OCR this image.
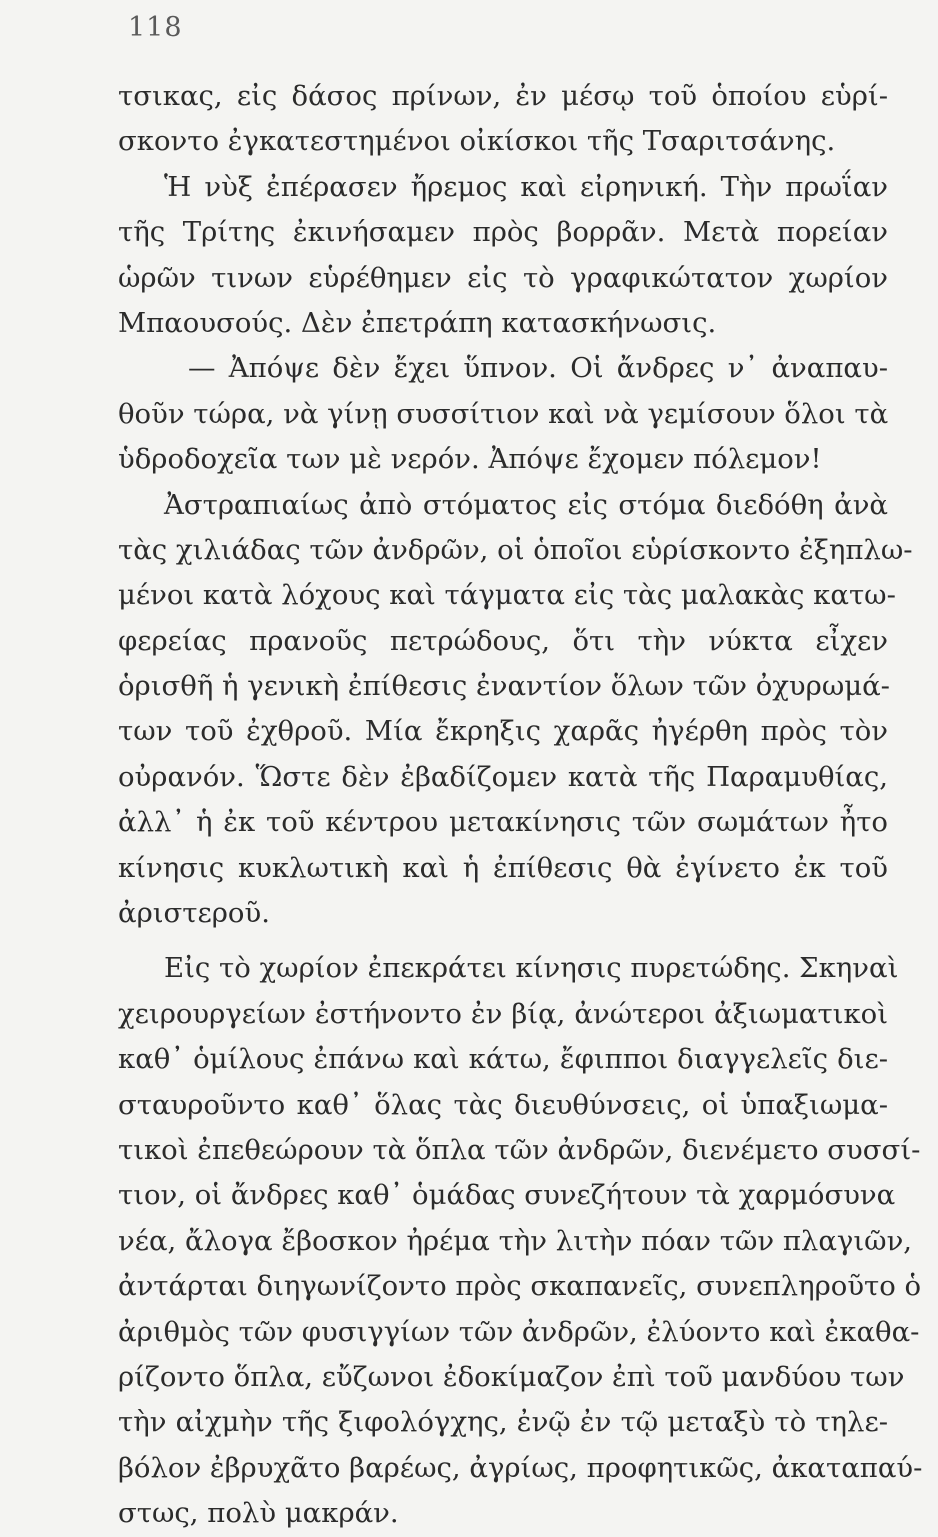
118
τσικας, εἰς δάσος πρίνων, ἐν μέσῳ τοῦ ὁποίου εὑρί-
σκοντο ἐγκατεστημένοι οἰκίσκοι τῆς Τσαριτσάνης.
Ἡ νὺξ ἐπέρασεν ἤρεμος καὶ εἰρηνική. Τὴν πρωΐαν
τῆς Τρίτης ἐκινήσαμεν πρὸς βορρᾶν. Μετὰ πορείαν
ὡρῶν τινων εὑρέθημεν εἰς τὸ γραφικώτατον χωρίον
Μπαουσούς. Δὲν ἐπετράπη κατασκήνωσις.
— Ἀπόψε δὲν ἔχει ὕπνον. Οἱ ἄνδρες ν᾿ ἀναπαυ-
θοῦν τώρα, νὰ γίνῃ συσσίτιον καὶ νὰ γεμίσουν ὅλοι τὰ
ὑδροδοχεῖα των μὲ νερόν. Ἀπόψε ἔχομεν πόλεμον!
Ἀστραπιαίως ἀπὸ στόματος εἰς στόμα διεδόθη ἀνὰ
τὰς χιλιάδας τῶν ἀνδρῶν, οἱ ὁποῖοι εὑρίσκοντο ἐξηπλω-
μένοι κατὰ λόχους καὶ τάγματα εἰς τὰς μαλακὰς κατω-
φερείας πρανοῦς πετρώδους, ὅτι τὴν νύκτα εἶχεν
ὁρισθῆ ἡ γενικὴ ἐπίθεσις ἐναντίον ὅλων τῶν ὀχυρωμά-
των τοῦ ἐχθροῦ. Μία ἔκρηξις χαρᾶς ἠγέρθη πρὸς τὸν
οὐρανόν. Ὥστε δὲν ἐβαδίζομεν κατὰ τῆς Παραμυθίας,
ἀλλ᾿ ἡ ἐκ τοῦ κέντρου μετακίνησις τῶν σωμάτων ἦτο
κίνησις κυκλωτικὴ καὶ ἡ ἐπίθεσις θὰ ἐγίνετο ἐκ τοῦ
ἀριστεροῦ.
Εἰς τὸ χωρίον ἐπεκράτει κίνησις πυρετώδης. Σκηναὶ
χειρουργείων ἐστήνοντο ἐν βίᾳ, ἀνώτεροι ἀξιωματικοὶ
καθ᾿ ὁμίλους ἐπάνω καὶ κάτω, ἔφιπποι διαγγελεῖς διε-
σταυροῦντο καθ᾿ ὅλας τὰς διευθύνσεις, οἱ ὑπαξιωμα-
τικοὶ ἐπεθεώρουν τὰ ὅπλα τῶν ἀνδρῶν, διενέμετο συσσί-
τιον, οἱ ἄνδρες καθ᾿ ὁμάδας συνεζήτουν τὰ χαρμόσυνα
νέα, ἄλογα ἔβοσκον ἠρέμα τὴν λιτὴν πόαν τῶν πλαγιῶν,
ἀντάρται διηγωνίζοντο πρὸς σκαπανεῖς, συνεπληροῦτο ὁ
ἀριθμὸς τῶν φυσιγγίων τῶν ἀνδρῶν, ἐλύοντο καὶ ἐκαθα-
ρίζοντο ὅπλα, εὔζωνοι ἐδοκίμαζον ἐπὶ τοῦ μανδύου των
τὴν αἰχμὴν τῆς ξιφολόγχης, ἐνῷ ἐν τῷ μεταξὺ τὸ τηλε-
βόλον ἐβρυχᾶτο βαρέως, ἀγρίως, προφητικῶς, ἀκαταπαύ-
στως, πολὺ μακράν.
